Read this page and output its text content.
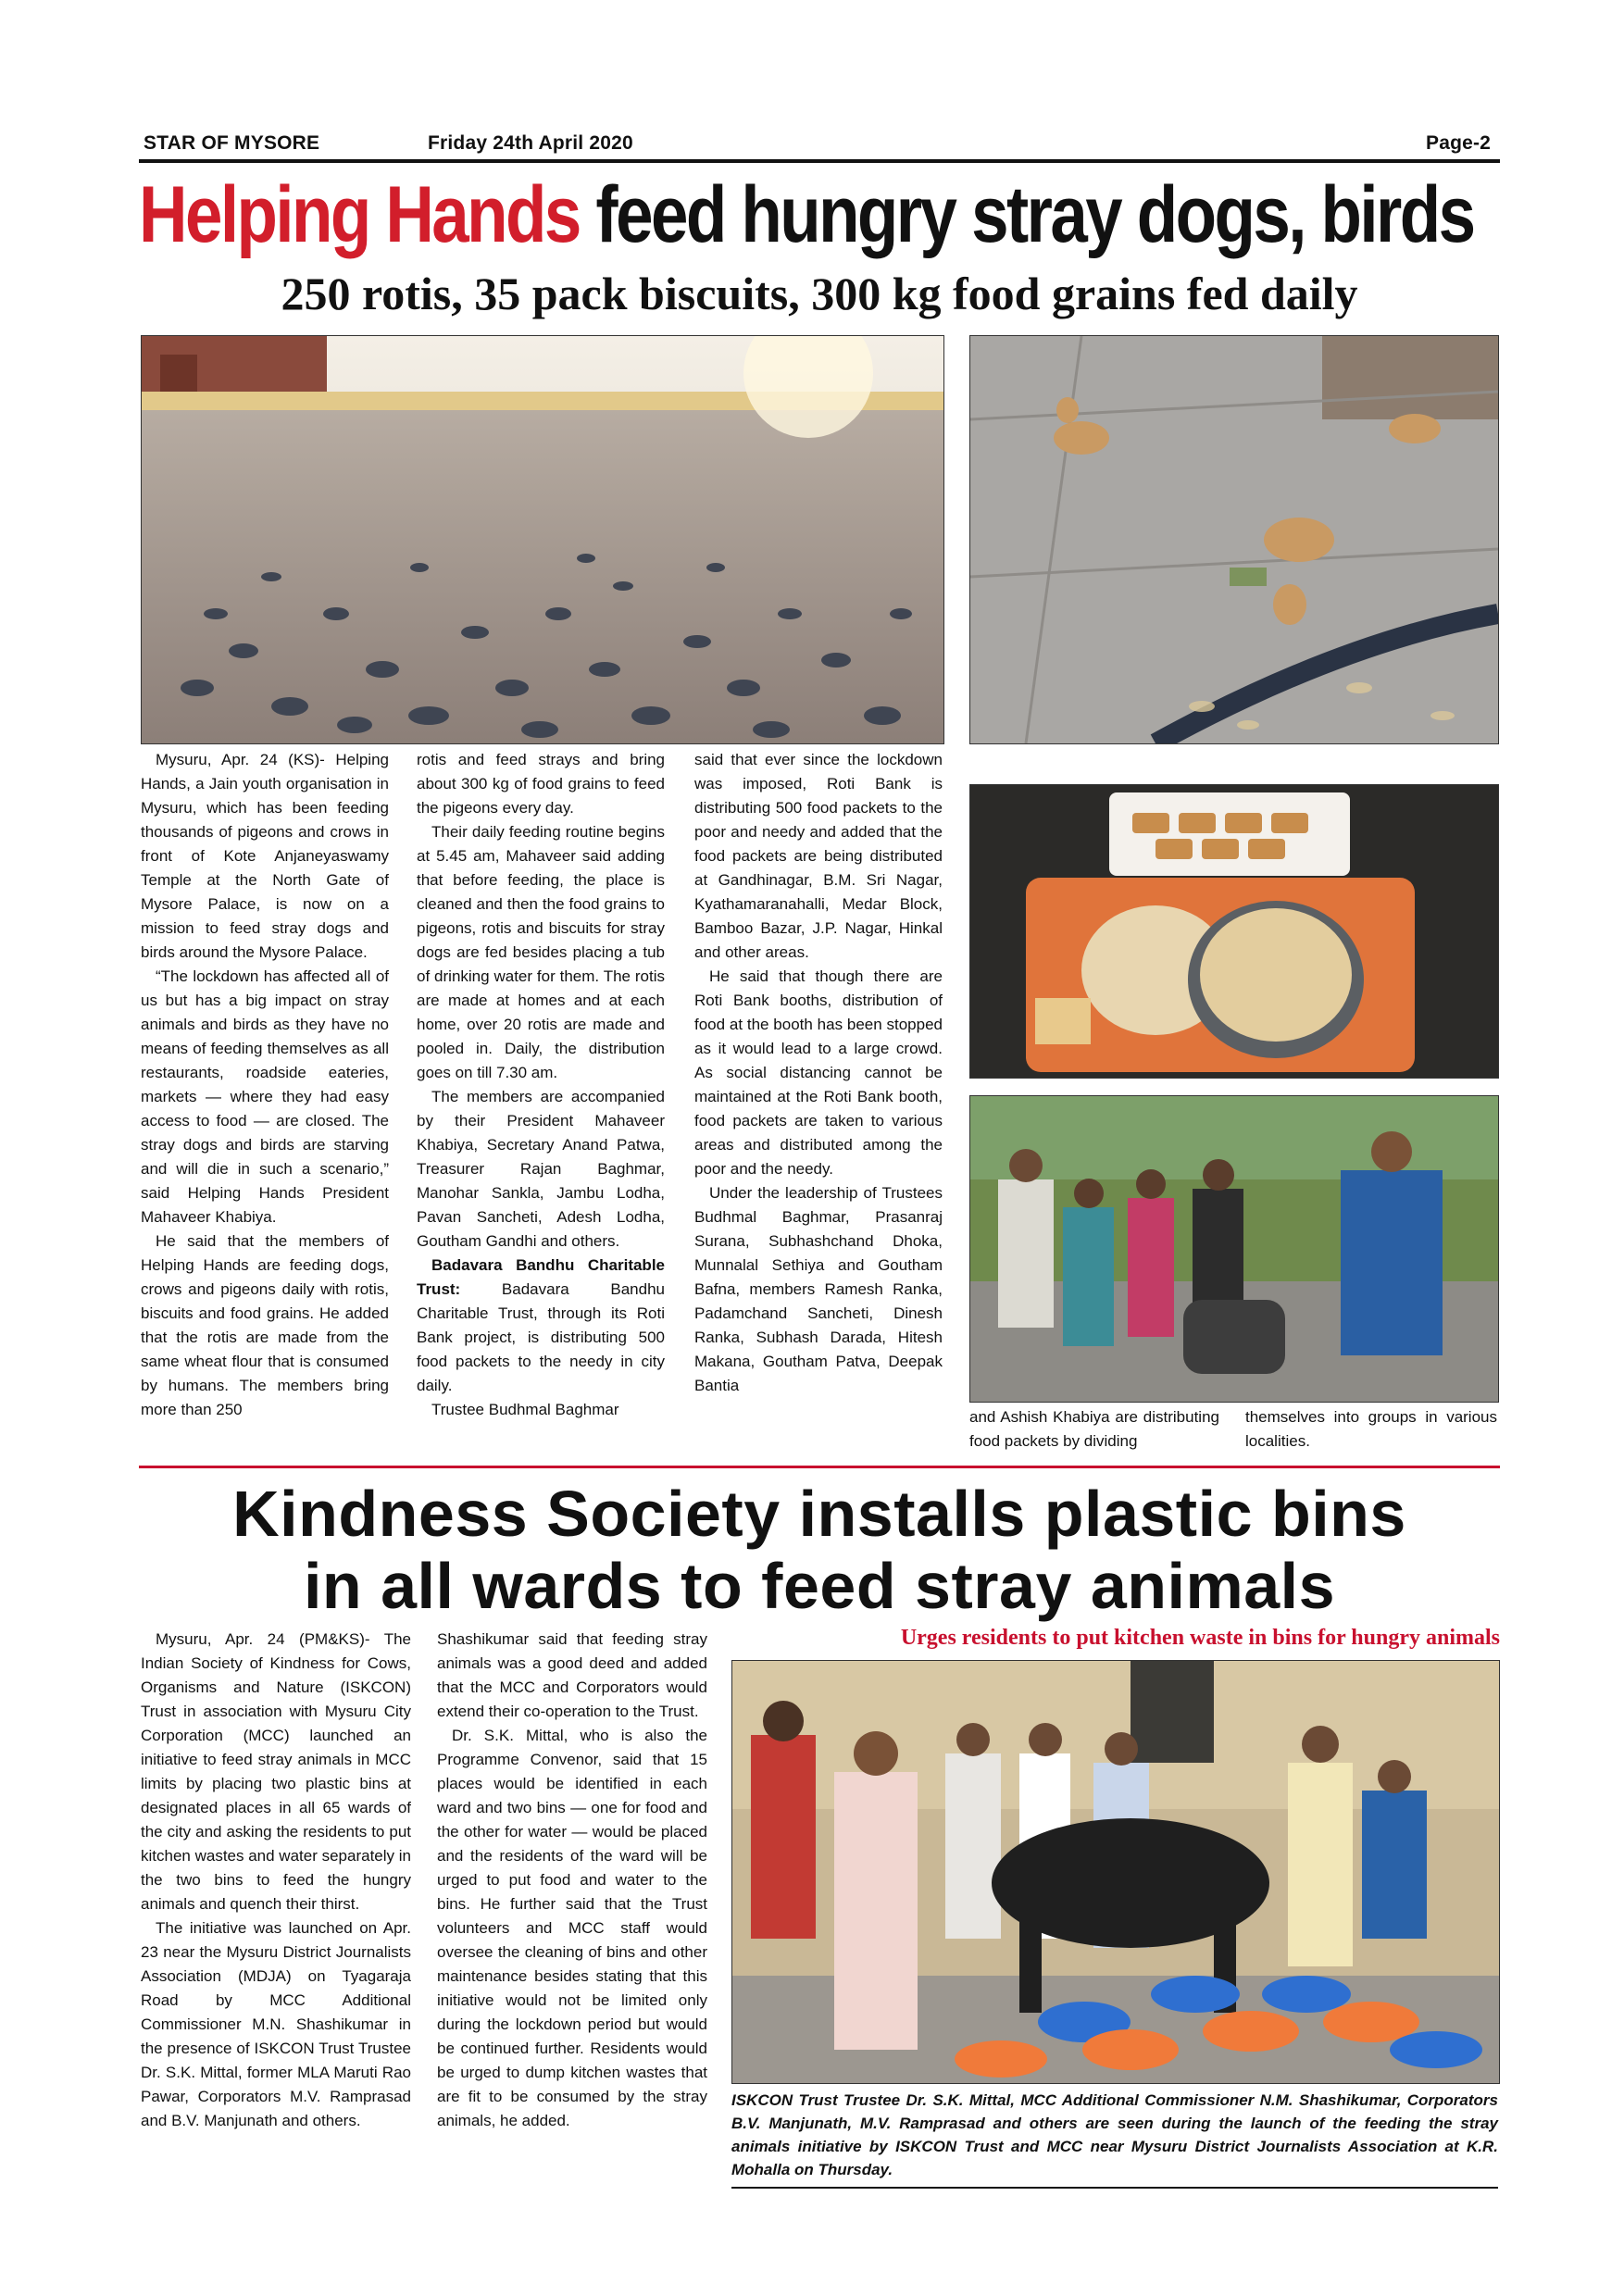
STAR OF MYSORE	Friday 24th April 2020	Page-2
Helping Hands feed hungry stray dogs, birds
250 rotis, 35 pack biscuits, 300 kg food grains fed daily

Mysuru, Apr. 24 (KS)- Helping Hands, a Jain youth organisation in Mysuru, which has been feeding thousands of pigeons and crows in front of Kote Anjaneyaswamy Temple at the North Gate of Mysore Palace, is now on a mission to feed stray dogs and birds around the Mysore Palace.

“The lockdown has affected all of us but has a big impact on stray animals and birds as they have no means of feeding themselves as all restaurants, roadside eateries, markets — where they had easy access to food — are closed. The stray dogs and birds are starving and will die in such a scenario,” said Helping Hands President Mahaveer Khabiya.

He said that the members of Helping Hands are feeding dogs, crows and pigeons daily with rotis, biscuits and food grains. He added that the rotis are made from the same wheat flour that is consumed by humans. The members bring more than 250

rotis and feed strays and bring about 300 kg of food grains to feed the pigeons every day.

Their daily feeding routine begins at 5.45 am, Mahaveer said adding that before feeding, the place is cleaned and then the food grains to pigeons, rotis and biscuits for stray dogs are fed besides placing a tub of drinking water for them. The rotis are made at homes and at each home, over 20 rotis are made and pooled in. Daily, the distribution goes on till 7.30 am.

The members are accompanied by their President Mahaveer Khabiya, Secretary Anand Patwa, Treasurer Rajan Baghmar, Manohar Sankla, Jambu Lodha, Pavan Sancheti, Adesh Lodha, Goutham Gandhi and others.

Badavara Bandhu Charitable Trust: Badavara Bandhu Charitable Trust, through its Roti Bank project, is distributing 500 food packets to the needy in city daily.

Trustee Budhmal Baghmar

said that ever since the lockdown was imposed, Roti Bank is distributing 500 food packets to the poor and needy and added that the food packets are being distributed at Gandhinagar, B.M. Sri Nagar, Kyathamaranahalli, Medar Block, Bamboo Bazar, J.P. Nagar, Hinkal and other areas.

He said that though there are Roti Bank booths, distribution of food at the booth has been stopped as it would lead to a large crowd. As social distancing cannot be maintained at the Roti Bank booth, food packets are taken to various areas and distributed among the poor and the needy.

Under the leadership of Trustees Budhmal Baghmar, Prasanraj Surana, Subhashchand Dhoka, Munnalal Sethiya and Goutham Bafna, members Ramesh Ranka, Padamchand Sancheti, Dinesh Ranka, Subhash Darada, Hitesh Makana, Goutham Patva, Deepak Bantia

and Ashish Khabiya are distributing food packets by dividing

themselves into groups in various localities.

Kindness Society installs plastic bins
in all wards to feed stray animals

Mysuru, Apr. 24 (PM&KS)- The Indian Society of Kindness for Cows, Organisms and Nature (ISKCON) Trust in association with Mysuru City Corporation (MCC) launched an initiative to feed stray animals in MCC limits by placing two plastic bins at designated places in all 65 wards of the city and asking the residents to put kitchen wastes and water separately in the two bins to feed the hungry animals and quench their thirst.

The initiative was launched on Apr. 23 near the Mysuru District Journalists Association (MDJA) on Tyagaraja Road by MCC Additional Commissioner M.N. Shashikumar in the presence of ISKCON Trust Trustee Dr. S.K. Mittal, former MLA Maruti Rao Pawar, Corporators M.V. Ramprasad and B.V. Manjunath and others.

Shashikumar said that feeding stray animals was a good deed and added that the MCC and Corporators would extend their co-operation to the Trust.

Dr. S.K. Mittal, who is also the Programme Convenor, said that 15 places would be identified in each ward and two bins — one for food and the other for water — would be placed and the residents of the ward will be urged to put food and water to the bins. He further said that the Trust volunteers and MCC staff would oversee the cleaning of bins and other maintenance besides stating that this initiative would not be limited only during the lockdown period but would be continued further. Residents would be urged to dump kitchen wastes that are fit to be consumed by the stray animals, he added.

Urges residents to put kitchen waste in bins for hungry animals
ISKCON Trust Trustee Dr. S.K. Mittal, MCC Additional Commissioner N.M. Shashikumar, Corporators B.V. Manjunath, M.V. Ramprasad and others are seen during the launch of the feeding the stray animals initiative by ISKCON Trust and MCC near Mysuru District Journalists Association at K.R. Mohalla on Thursday.
